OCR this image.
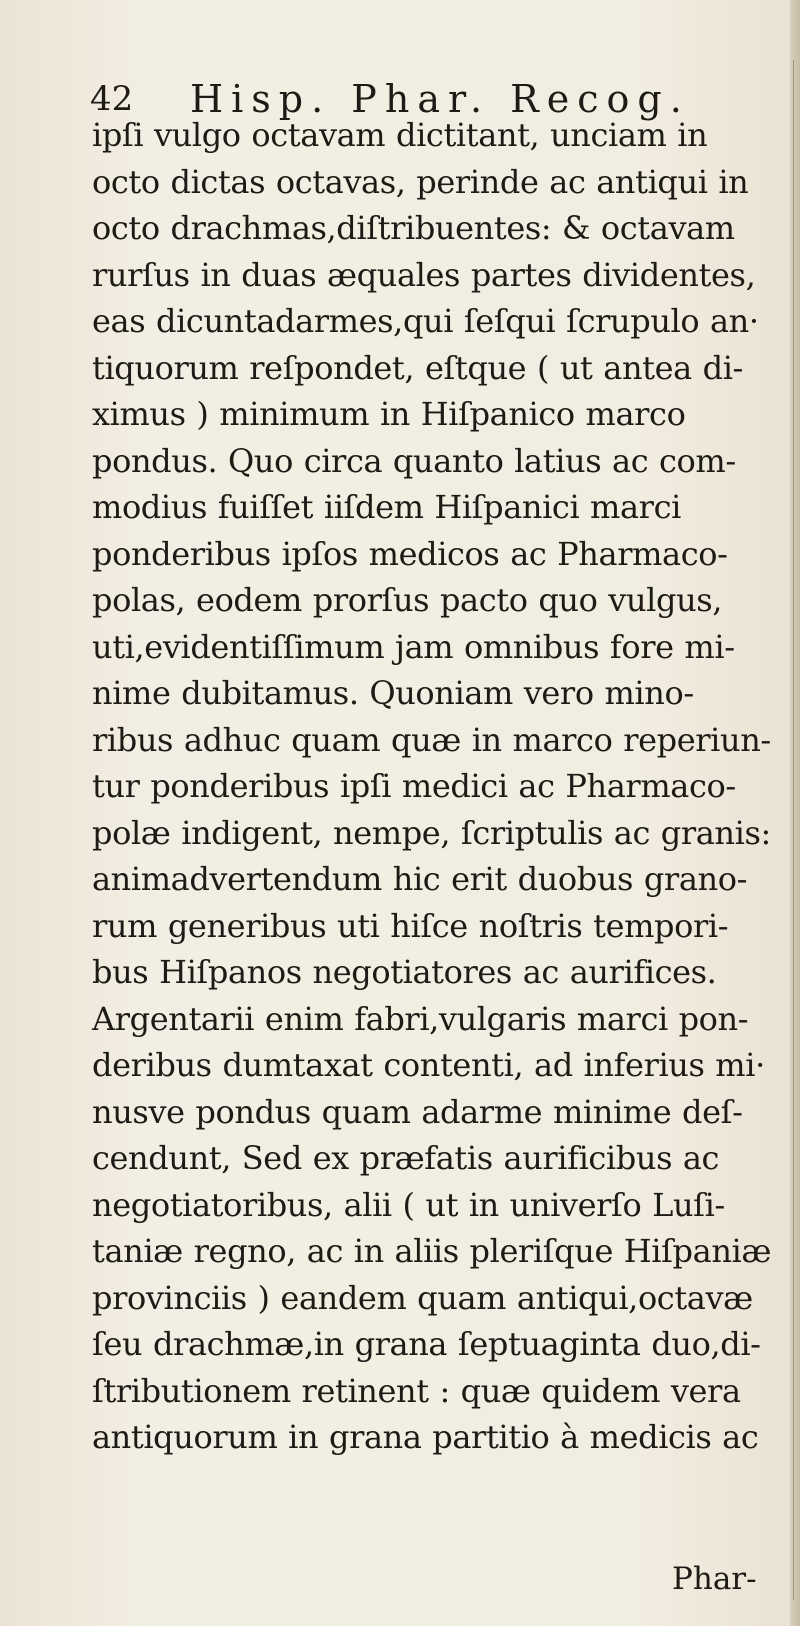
42 Hisp. Phar. Recog.
ipſi vulgo octavam dictitant, unciam in
octo dictas octavas, perinde ac antiqui in
octo drachmas,diſtribuentes: & octavam
rurſus in duas æquales partes dividentes,
eas dicuntadarmes,qui ſeſqui ſcrupulo an·
tiquorum reſpondet, eſtque ( ut antea di-
ximus ) minimum in Hiſpanico marco
pondus. Quo circa quanto latius ac com-
modius fuiſſet iiſdem Hiſpanici marci
ponderibus ipſos medicos ac Pharmaco-
polas, eodem prorſus pacto quo vulgus,
uti,evidentiſſimum jam omnibus fore mi-
nime dubitamus. Quoniam vero mino-
ribus adhuc quam quæ in marco reperiun-
tur ponderibus ipſi medici ac Pharmaco-
polæ indigent, nempe, ſcriptulis ac granis:
animadvertendum hic erit duobus grano-
rum generibus uti hiſce noſtris tempori-
bus Hiſpanos negotiatores ac aurifices.
Argentarii enim fabri,vulgaris marci pon-
deribus dumtaxat contenti, ad inferius mi·
nusve pondus quam adarme minime deſ-
cendunt, Sed ex præfatis aurificibus ac
negotiatoribus, alii ( ut in univerſo Luſi-
taniæ regno, ac in aliis pleriſque Hiſpaniæ
provinciis ) eandem quam antiqui,octavæ
ſeu drachmæ,in grana ſeptuaginta duo,di-
ſtributionem retinent : quæ quidem vera
antiquorum in grana partitio à medicis ac
Phar-
